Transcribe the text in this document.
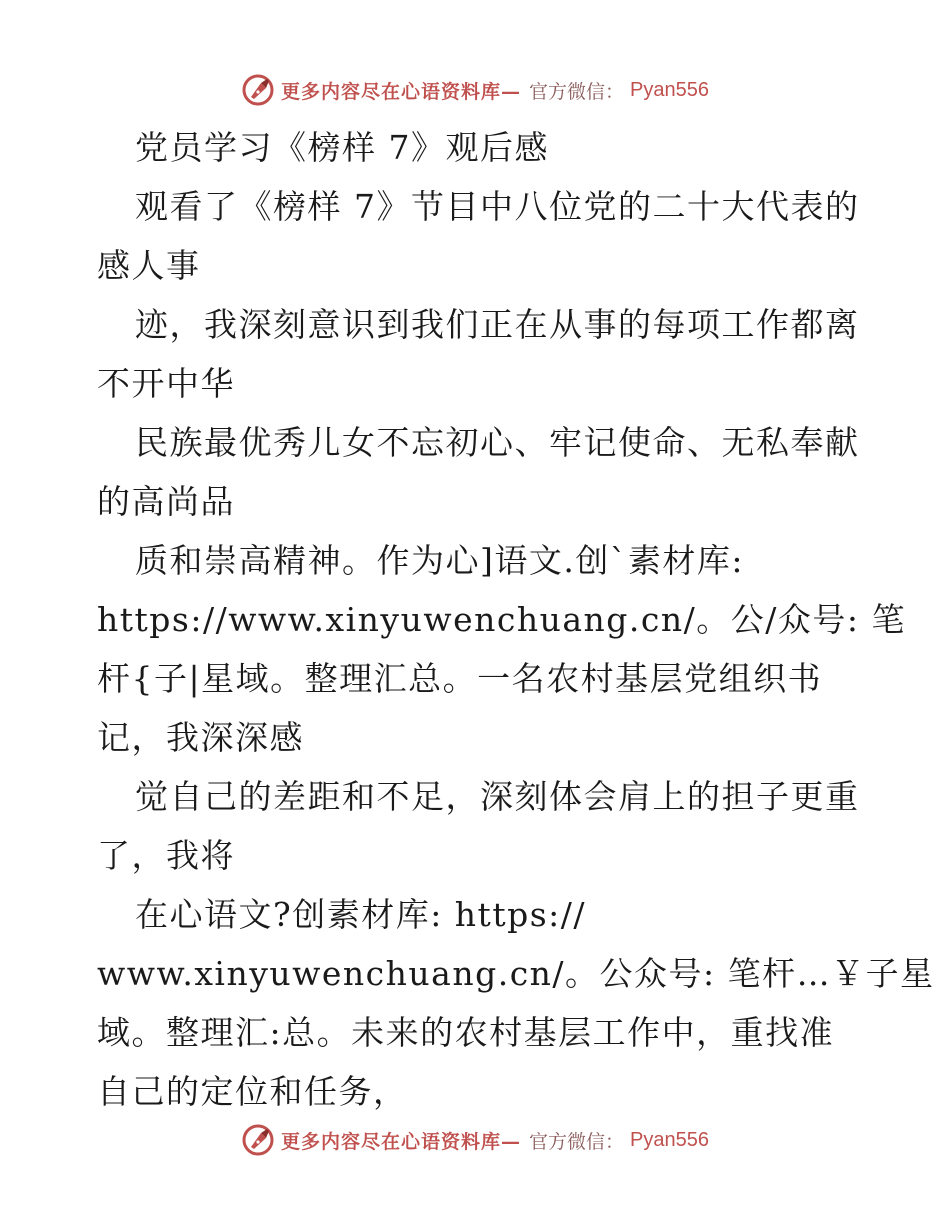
更多内容尽在心语资料库— 官方微信： Pyan556
党员学习《榜样 7》观后感
观看了《榜样 7》节目中八位党的二十大代表的
感人事
迹，我深刻意识到我们正在从事的每项工作都离
不开中华
民族最优秀儿女不忘初心、牢记使命、无私奉献
的高尚品
质和崇高精神。作为心]语文.创`素材库:
https://www.xinyuwenchuang.cn/。公/众号: 笔
杆{子|星域。整理汇总。一名农村基层党组织书
记，我深深感
觉自己的差距和不足，深刻体会肩上的担子更重
了，我将
在心语文?创素材库: https://
www.xinyuwenchuang.cn/。公众号: 笔杆…￥子星
域。整理汇:总。未来的农村基层工作中，重找准
自己的定位和任务，
更多内容尽在心语资料库— 官方微信： Pyan556
